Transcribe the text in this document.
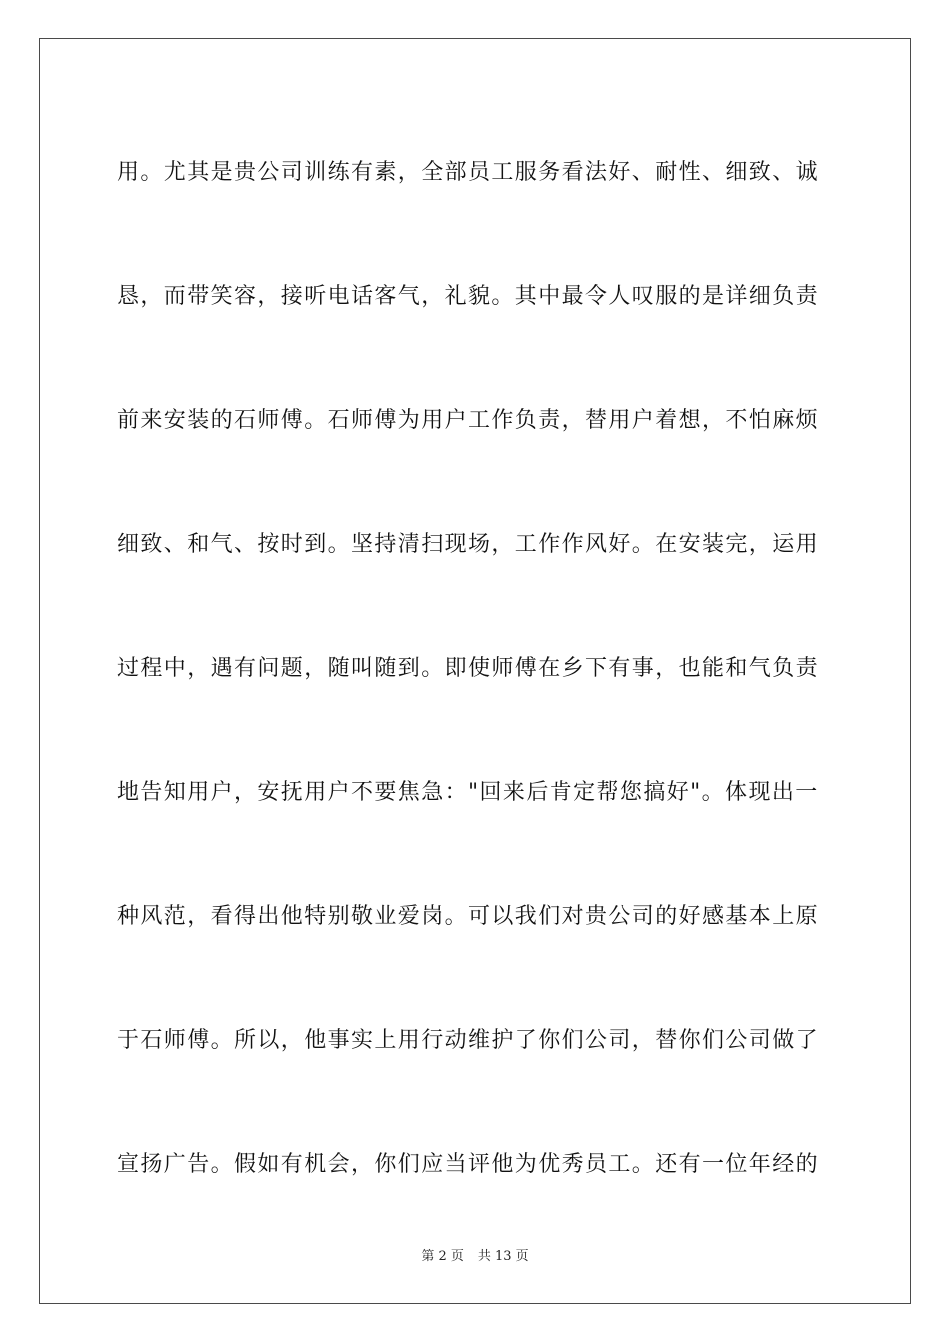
用。尤其是贵公司训练有素，全部员工服务看法好、耐性、细致、诚

恳，而带笑容，接听电话客气，礼貌。其中最令人叹服的是详细负责

前来安装的石师傅。石师傅为用户工作负责，替用户着想，不怕麻烦

细致、和气、按时到。坚持清扫现场，工作作风好。在安装完，运用

过程中，遇有问题，随叫随到。即使师傅在乡下有事，也能和气负责

地告知用户，安抚用户不要焦急："回来后肯定帮您搞好"。体现出一

种风范，看得出他特别敬业爱岗。可以我们对贵公司的好感基本上原

于石师傅。所以，他事实上用行动维护了你们公司，替你们公司做了

宣扬广告。假如有机会，你们应当评他为优秀员工。还有一位年经的

第 2 页 共 13 页
